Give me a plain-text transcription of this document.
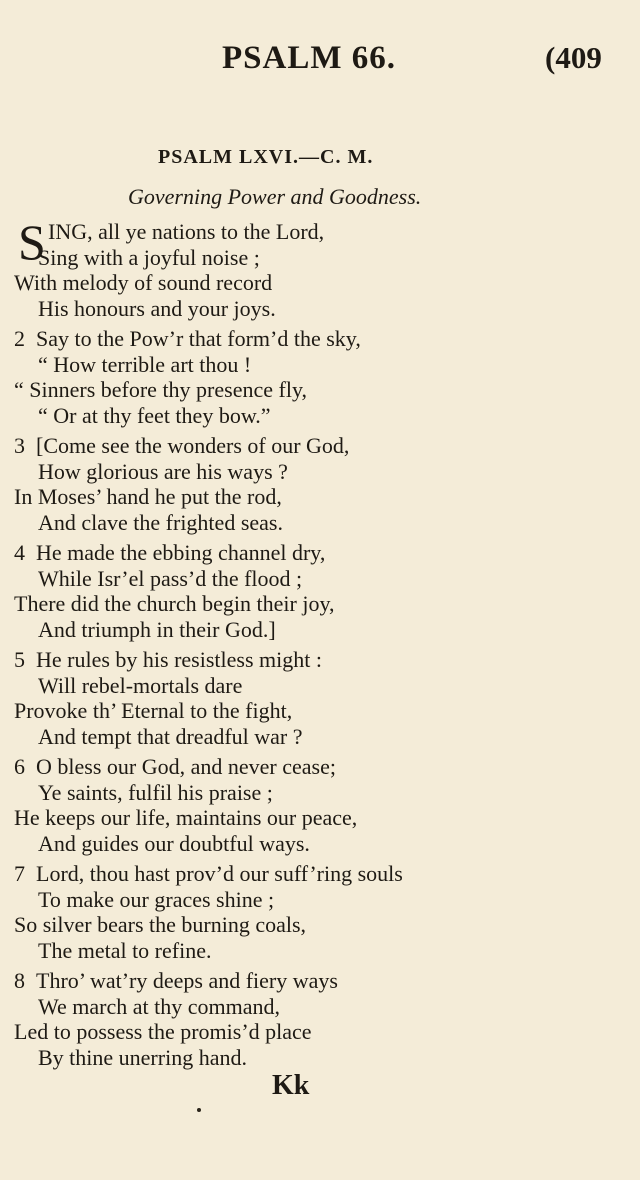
PSALM 66.	(409
PSALM LXVI.—C. M.
Governing Power and Goodness.
S ING, all ye nations to the Lord,
Sing with a joyful noise ;
With melody of sound record
His honours and your joys.
2 Say to the Pow’r that form’d the sky,
“ How terrible art thou !
“ Sinners before thy presence fly,
“ Or at thy feet they bow.”
3 [Come see the wonders of our God,
How glorious are his ways ?
In Moses’ hand he put the rod,
And clave the frighted seas.
4 He made the ebbing channel dry,
While Isr’el pass’d the flood ;
There did the church begin their joy,
And triumph in their God.]
5 He rules by his resistless might :
Will rebel-mortals dare
Provoke th’ Eternal to the fight,
And tempt that dreadful war ?
6 O bless our God, and never cease;
Ye saints, fulfil his praise ;
He keeps our life, maintains our peace,
And guides our doubtful ways.
7 Lord, thou hast prov’d our suff’ring souls
To make our graces shine ;
So silver bears the burning coals,
The metal to refine.
8 Thro’ wat’ry deeps and fiery ways
We march at thy command,
Led to possess the promis’d place
By thine unerring hand.
Kk
